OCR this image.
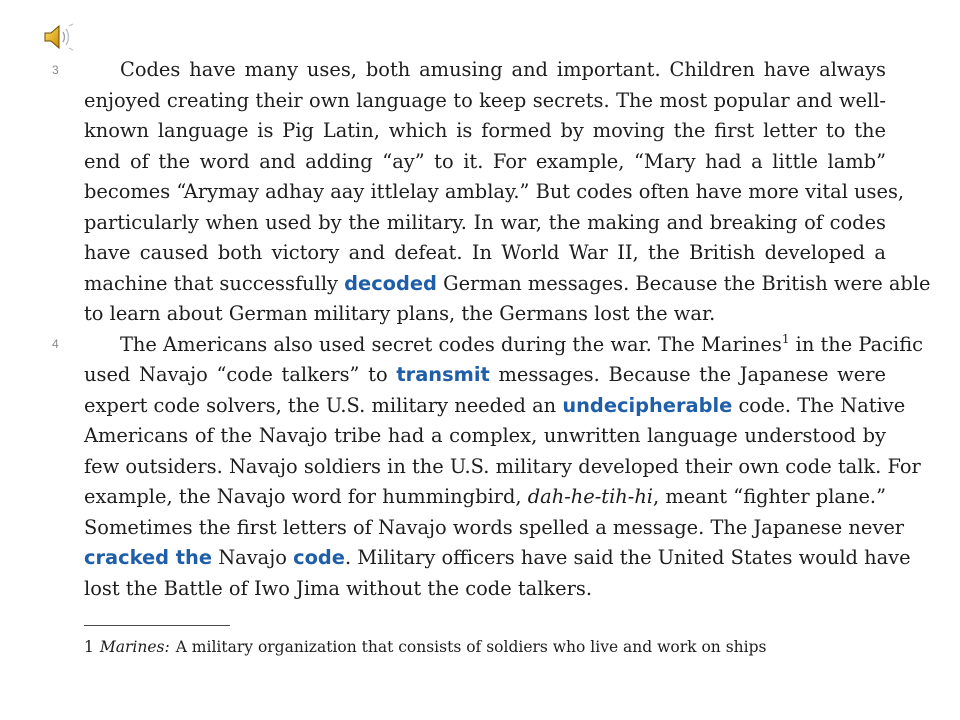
3
4
Codes have many uses, both amusing and important. Children have always
enjoyed creating their own language to keep secrets. The most popular and well-
known language is Pig Latin, which is formed by moving the first letter to the
end of the word and adding “ay” to it. For example, “Mary had a little lamb”
becomes “Arymay adhay aay ittlelay amblay.” But codes often have more vital uses,
particularly when used by the military. In war, the making and breaking of codes
have caused both victory and defeat. In World War II, the British developed a
machine that successfully decoded German messages. Because the British were able
to learn about German military plans, the Germans lost the war.
The Americans also used secret codes during the war. The Marines$^1$ in the Pacific
used Navajo “code talkers” to transmit messages. Because the Japanese were
expert code solvers, the U.S. military needed an undecipherable code. The Native
Americans of the Navajo tribe had a complex, unwritten language understood by
few outsiders. Navajo soldiers in the U.S. military developed their own code talk. For
example, the Navajo word for hummingbird, dah-he-tih-hi, meant “fighter plane.”
Sometimes the first letters of Navajo words spelled a message. The Japanese never
cracked the Navajo code. Military officers have said the United States would have
lost the Battle of Iwo Jima without the code talkers.
1 Marines: A military organization that consists of soldiers who live and work on ships
